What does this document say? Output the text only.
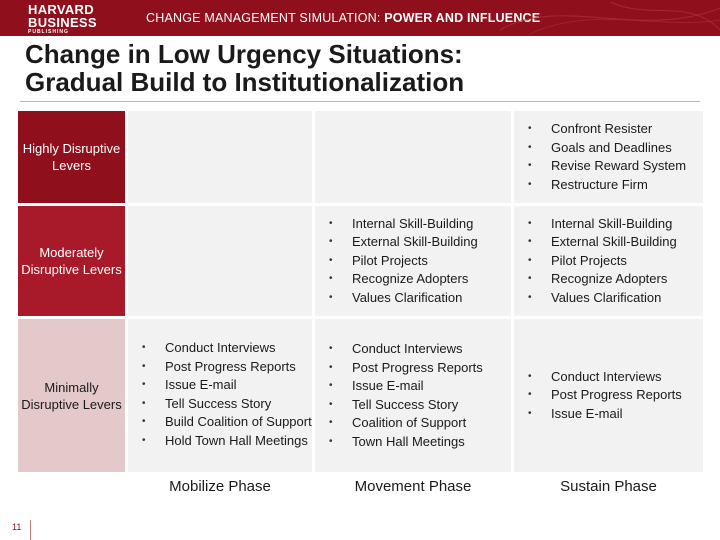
HARVARD
BUSINESS
PUBLISHING
CHANGE MANAGEMENT SIMULATION: POWER AND INFLUENCE
Change in Low Urgency Situations:
Gradual Build to Institutionalization
Highly Disruptive Levers
Moderately Disruptive Levers
Minimally Disruptive Levers
• Confront Resister
• Goals and Deadlines
• Revise Reward System
• Restructure Firm
• Internal Skill-Building
• External Skill-Building
• Pilot Projects
• Recognize Adopters
• Values Clarification
• Internal Skill-Building
• External Skill-Building
• Pilot Projects
• Recognize Adopters
• Values Clarification
• Conduct Interviews
• Post Progress Reports
• Issue E-mail
• Tell Success Story
• Build Coalition of Support
• Hold Town Hall Meetings
• Conduct Interviews
• Post Progress Reports
• Issue E-mail
• Tell Success Story
• Coalition of Support
• Town Hall Meetings
• Conduct Interviews
• Post Progress Reports
• Issue E-mail
Mobilize Phase	Movement Phase	Sustain Phase
11
